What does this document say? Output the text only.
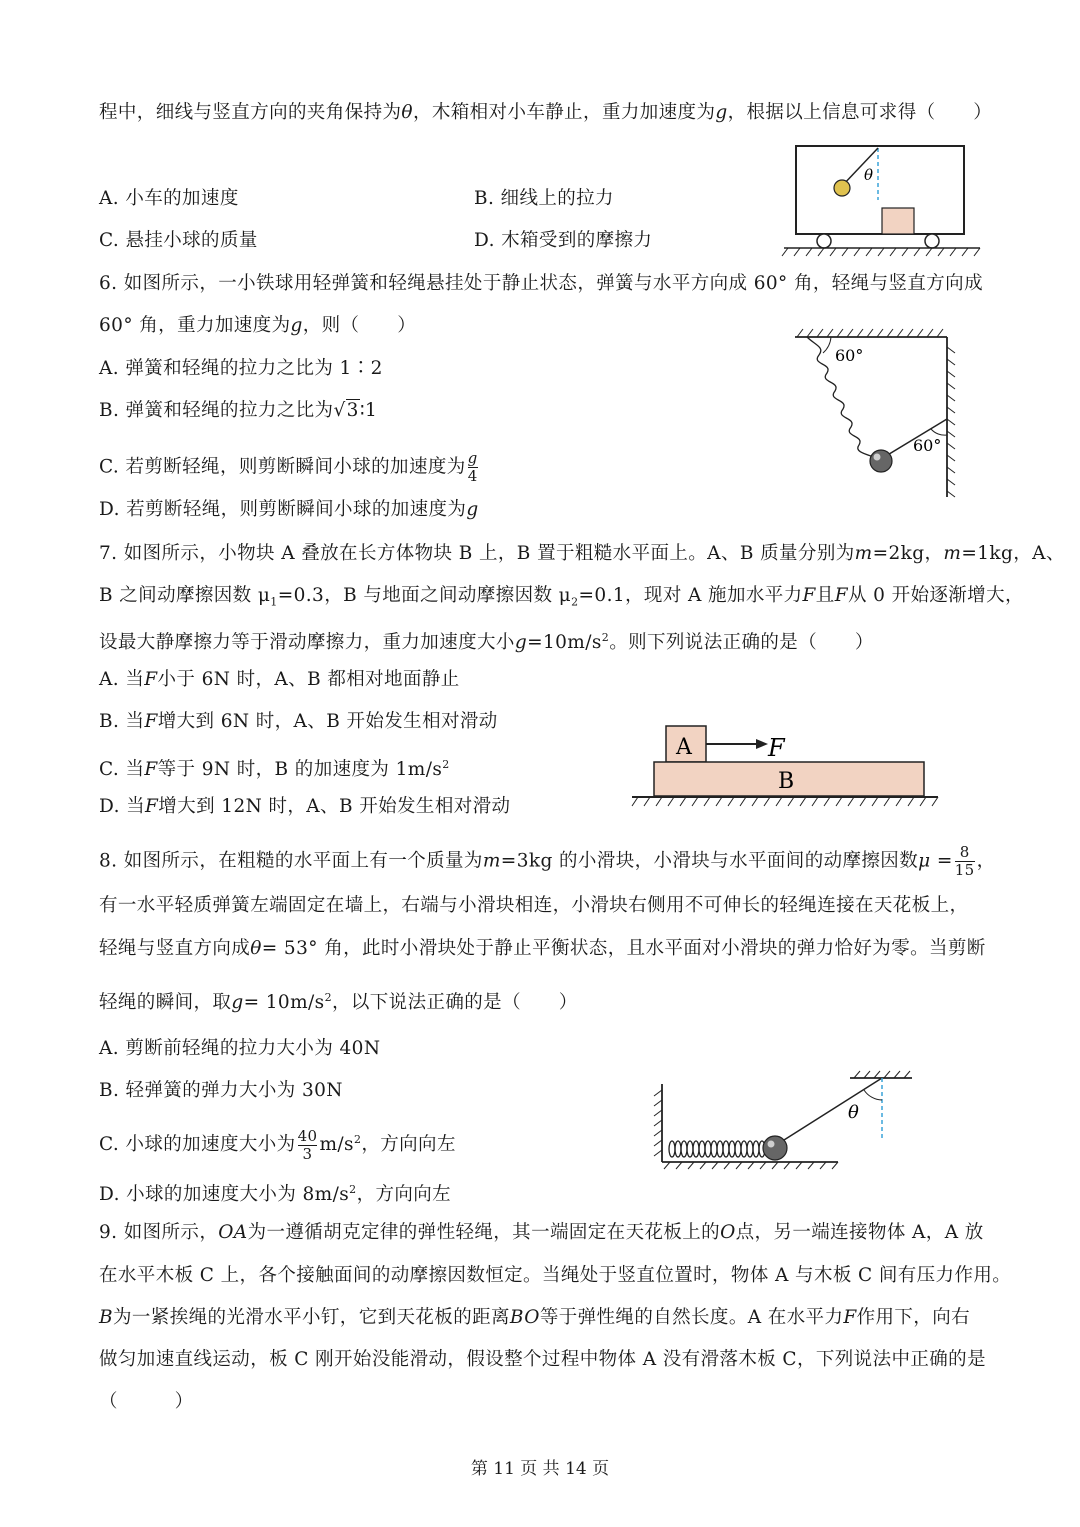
程中，细线与竖直方向的夹角保持为θ，木箱相对小车静止，重力加速度为g，根据以上信息可求得（　　）
A. 小车的加速度	B. 细线上的拉力
C. 悬挂小球的质量	D. 木箱受到的摩擦力
θ
6. 如图所示，一小铁球用轻弹簧和轻绳悬挂处于静止状态，弹簧与水平方向成 60° 角，轻绳与竖直方向成
60° 角，重力加速度为g，则（　　）
A. 弹簧和轻绳的拉力之比为 1∶2
B. 弹簧和轻绳的拉力之比为√3∶1
C. 若剪断轻绳，则剪断瞬间小球的加速度为 $\frac{g}{4}$
D. 若剪断轻绳，则剪断瞬间小球的加速度为g
60°
60°
7. 如图所示，小物块 A 叠放在长方体物块 B 上，B 置于粗糙水平面上。A、B 质量分别为m=2kg，m=1kg，A、
B 之间动摩擦因数 $\mu_1=0.3$，B 与地面之间动摩擦因数 $\mu_2=0.1$，现对 A 施加水平力F且F从 0 开始逐渐增大，
设最大静摩擦力等于滑动摩擦力，重力加速度大小$g=10m/s^2$。则下列说法正确的是（　　）
A. 当F小于 6N 时，A、B 都相对地面静止
B. 当F增大到 6N 时，A、B 开始发生相对滑动
C. 当F等于 9N 时，B 的加速度为 $1m/s^2$
D. 当F增大到 12N 时，A、B 开始发生相对滑动
A	F
B
8. 如图所示，在粗糙的水平面上有一个质量为m=3kg 的小滑块，小滑块与水平面间的动摩擦因数$\mu = \frac{8}{15}$ ，
有一水平轻质弹簧左端固定在墙上，右端与小滑块相连，小滑块右侧用不可伸长的轻绳连接在天花板上，
轻绳与竖直方向成θ= 53° 角，此时小滑块处于静止平衡状态，且水平面对小滑块的弹力恰好为零。当剪断
轻绳的瞬间，取$g= 10m/s^2$，以下说法正确的是（　　）
A. 剪断前轻绳的拉力大小为 40N
B. 轻弹簧的弹力大小为 30N
C. 小球的加速度大小为 $\frac{40}{3} m/s^2$，方向向左
D. 小球的加速度大小为 $8m/s^2$，方向向左
θ
9. 如图所示，OA为一遵循胡克定律的弹性轻绳，其一端固定在天花板上的O点，另一端连接物体 A，A 放
在水平木板 C 上，各个接触面间的动摩擦因数恒定。当绳处于竖直位置时，物体 A 与木板 C 间有压力作用。
B为一紧挨绳的光滑水平小钉，它到天花板的距离BO等于弹性绳的自然长度。A 在水平力F作用下，向右
做匀加速直线运动，板 C 刚开始没能滑动，假设整个过程中物体 A 没有滑落木板 C，下列说法中正确的是
（　　　）
第 11 页 共 14 页
